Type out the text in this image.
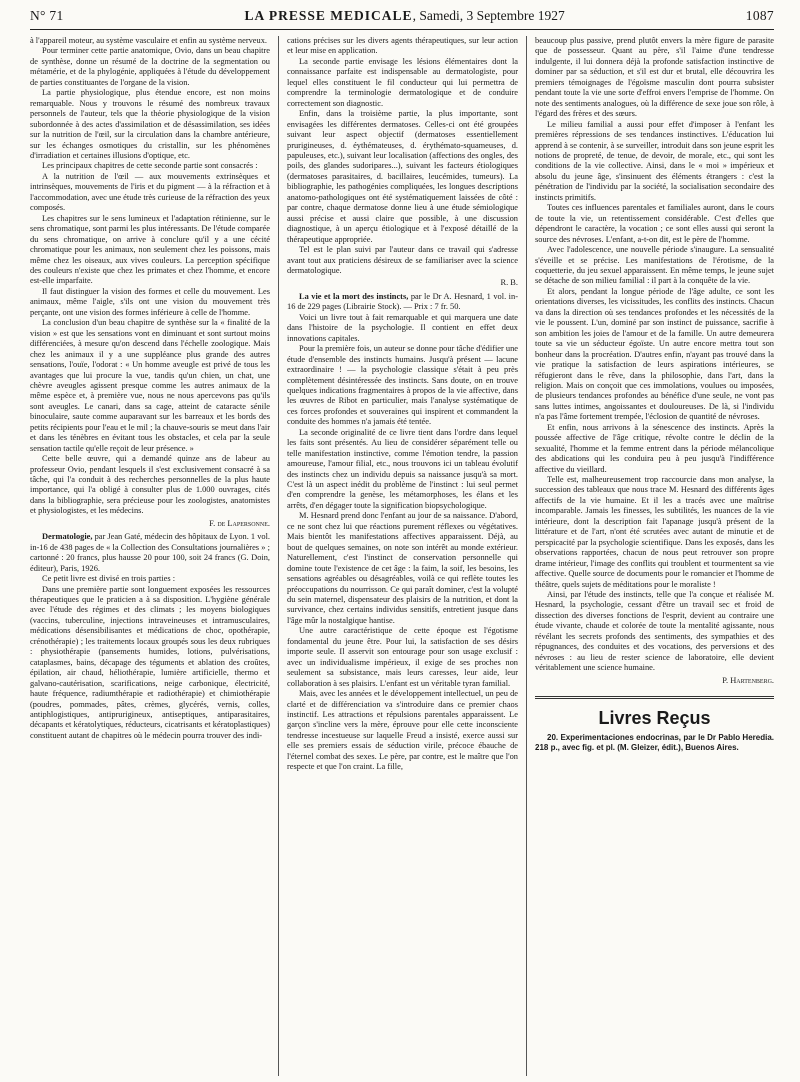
N° 71	LA PRESSE MEDICALE, Samedi, 3 Septembre 1927	1087

à l'appareil moteur, au système vasculaire et enfin au système nerveux.

Pour terminer cette partie anatomique, Ovio, dans un beau chapitre de synthèse, donne un résumé de la doctrine de la segmentation ou métamérie, et de la phylogénie, appliquées à l'étude du développement de parties constituantes de l'organe de la vision.

La partie physiologique, plus étendue encore, est non moins remarquable. Nous y trouvons le résumé des nombreux travaux personnels de l'auteur, tels que la théorie physiologique de la vision subordonnée à des actes d'assimilation et de désassimilation, ses idées sur la nutrition de l'œil, sur la circulation dans la chambre antérieure, sur les échanges osmotiques du cristallin, sur les phénomènes d'irradiation et certaines illusions d'optique, etc.

Les principaux chapitres de cette seconde partie sont consacrés :

A la nutrition de l'œil — aux mouvements extrinsèques et intrinsèques, mouvements de l'iris et du pigment — à la réfraction et à l'accommodation, avec une étude très curieuse de la réfraction des yeux composés.

Les chapitres sur le sens lumineux et l'adaptation rétinienne, sur le sens chromatique, sont parmi les plus intéressants. De l'étude comparée du sens chromatique, on arrive à conclure qu'il y a une cécité chromatique pour les animaux, non seulement chez les poissons, mais même chez les oiseaux, aux vives couleurs. La perception spécifique des couleurs n'existe que chez les primates et chez l'homme, et encore est-elle imparfaite.

Il faut distinguer la vision des formes et celle du mouvement. Les animaux, même l'aigle, s'ils ont une vision du mouvement très perçante, ont une vision des formes inférieure à celle de l'homme.

La conclusion d'un beau chapitre de synthèse sur la « finalité de la vision » est que les sensations vont en diminuant et sont surtout moins différenciées, à mesure qu'on descend dans l'échelle zoologique. Mais chez les animaux il y a une suppléance plus grande des autres sensations, l'ouïe, l'odorat : « Un homme aveugle est privé de tous les avantages que lui procure la vue, tandis qu'un chien, un chat, une chèvre aveugles agissent presque comme les autres animaux de la même espèce et, à première vue, nous ne nous apercevons pas qu'ils sont aveugles. Le canari, dans sa cage, atteint de cataracte sénile binoculaire, saute comme auparavant sur les barreaux et les bords des petits récipients pour l'eau et le mil ; la chauve-souris se meut dans l'air et dans les ténèbres en évitant tous les obstacles, et cela par la seule sensation tactile qu'elle reçoit de leur présence. »

Cette belle œuvre, qui a demandé quinze ans de labeur au professeur Ovio, pendant lesquels il s'est exclusivement consacré à sa tâche, qui l'a conduit à des recherches personnelles de la plus haute importance, qui l'a obligé à consulter plus de 1.000 ouvrages, cités dans la bibliographie, sera précieuse pour les zoologistes, anatomistes et physiologistes, et les médecins.

F. de Lapersonne.

Dermatologie, par Jean Gaté, médecin des hôpitaux de Lyon. 1 vol. in-16 de 438 pages de « la Collection des Consultations journalières » ; cartonné : 20 francs, plus hausse 20 pour 100, soit 24 francs (G. Doin, éditeur), Paris, 1926.

Ce petit livre est divisé en trois parties :

Dans une première partie sont longuement exposées les ressources thérapeutiques que le praticien a à sa disposition. L'hygiène générale avec l'étude des régimes et des climats ; les moyens biologiques (vaccins, tuberculine, injections intraveineuses et intramusculaires, médications désensibilisantes et médications de choc, opothérapie, crénothérapie) ; les traitements locaux groupés sous les deux rubriques : physiothérapie (pansements humides, lotions, pulvérisations, cataplasmes, bains, décapage des téguments et ablation des croûtes, épilation, air chaud, héliothérapie, lumière artificielle, thermo et galvano-cautérisation, scarifications, neige carbonique, électricité, haute fréquence, radiumthérapie et radiothérapie) et chimiothérapie (poudres, pommades, pâtes, crèmes, glycérés, vernis, colles, antiphlogistiques, antiprurigineux, antiseptiques, antiparasitaires, décapants et kératolytiques, réducteurs, cicatrisants et kératoplastiques) constituent autant de chapitres où le médecin pourra trouver des indi-

cations précises sur les divers agents thérapeutiques, sur leur action et leur mise en application.

La seconde partie envisage les lésions élémentaires dont la connaissance parfaite est indispensable au dermatologiste, pour lequel elles constituent le fil conducteur qui lui permettra de comprendre la terminologie dermatologique et de conduire correctement son diagnostic.

Enfin, dans la troisième partie, la plus importante, sont envisagées les différentes dermatoses. Celles-ci ont été groupées suivant leur aspect objectif (dermatoses essentiellement prurigineuses, d. éythémateuses, d. érythémato-squameuses, d. papuleuses, etc.), suivant leur localisation (affections des ongles, des poils, des glandes sudoripares...), suivant les facteurs étiologiques (dermatoses parasitaires, d. bacillaires, leucémides, tumeurs). La bibliographie, les pathogénies compliquées, les longues descriptions anatomo-pathologiques ont été systématiquement laissées de côté : par contre, chaque dermatose donne lieu à une étude sémiologique aussi précise et aussi claire que possible, à une discussion diagnostique, à un aperçu étiologique et à l'exposé détaillé de la thérapeutique appropriée.

Tel est le plan suivi par l'auteur dans ce travail qui s'adresse avant tout aux praticiens désireux de se familiariser avec la science dermatologique.

R. B.

La vie et la mort des instincts, par le Dr A. Hesnard, 1 vol. in-16 de 229 pages (Librairie Stock). — Prix : 7 fr. 50.

Voici un livre tout à fait remarquable et qui marquera une date dans l'histoire de la psychologie. Il contient en effet deux innovations capitales.

Pour la première fois, un auteur se donne pour tâche d'édifier une étude d'ensemble des instincts humains. Jusqu'à présent — lacune extraordinaire ! — la psychologie classique s'était à peu près complètement désintéressée des instincts. Sans doute, on en trouve quelques indications fragmentaires à propos de la vie affective, dans les œuvres de Ribot en particulier, mais l'analyse systématique de ces forces profondes et souveraines qui inspirent et commandent la conduite des hommes n'a jamais été tentée.

La seconde originalité de ce livre tient dans l'ordre dans lequel les faits sont présentés. Au lieu de considérer séparément telle ou telle manifestation instinctive, comme l'émotion tendre, la passion amoureuse, l'amour filial, etc., nous trouvons ici un tableau évolutif des instincts chez un individu depuis sa naissance jusqu'à sa mort. C'est là un aspect inédit du problème de l'instinct : lui seul permet d'en comprendre la genèse, les métamorphoses, les élans et les arrêts, d'en dégager toute la signification biopsychologique.

M. Hesnard prend donc l'enfant au jour de sa naissance. D'abord, ce ne sont chez lui que réactions purement réflexes ou végétatives. Mais bientôt les manifestations affectives apparaissent. Déjà, au bout de quelques semaines, on note son intérêt au monde extérieur. Naturellement, c'est l'instinct de conservation personnelle qui domine toute l'existence de cet âge : la faim, la soif, les besoins, les sensations agréables ou désagréables, voilà ce qui reflète toutes les préoccupations du nourrisson. Ce qui paraît dominer, c'est la volupté du sein maternel, dispensateur des plaisirs de la nutrition, et dont la survivance, chez certains individus sensitifs, entretient jusque dans l'âge mûr la nostalgique hantise.

Une autre caractéristique de cette époque est l'égotisme fondamental du jeune être. Pour lui, la satisfaction de ses désirs importe seule. Il asservit son entourage pour son usage exclusif : avec un individualisme impérieux, il exige de ses proches non seulement sa subsistance, mais leurs caresses, leur aide, leur collaboration à ses plaisirs. L'enfant est un véritable tyran familial.

Mais, avec les années et le développement intellectuel, un peu de clarté et de différenciation va s'introduire dans ce premier chaos instinctif. Les attractions et répulsions parentales apparaissent. Le garçon s'incline vers la mère, éprouve pour elle cette inconsciente tendresse incestueuse sur laquelle Freud a insisté, exerce aussi sur elle ses premiers essais de séduction virile, précoce ébauche de l'éternel combat des sexes. Le père, par contre, est le maître que l'on respecte et que l'on craint. La fille,

beaucoup plus passive, prend plutôt envers la mère figure de parasite que de possesseur. Quant au père, s'il l'aime d'une tendresse indulgente, il lui donnera déjà la profonde satisfaction instinctive de dominer par sa séduction, et s'il est dur et brutal, elle découvrira les premiers témoignages de l'égoïsme masculin dont pourra subsister pendant toute la vie une sorte d'effroi envers l'emprise de l'homme. On note des sentiments analogues, où la différence de sexe joue son rôle, à l'égard des frères et des sœurs.

Le milieu familial a aussi pour effet d'imposer à l'enfant les premières répressions de ses tendances instinctives. L'éducation lui apprend à se contenir, à se surveiller, introduit dans son jeune esprit les notions de propreté, de tenue, de devoir, de morale, etc., qui sont les conditions de la vie collective. Ainsi, dans le « moi » impérieux et absolu du jeune âge, s'insinuent des éléments étrangers : c'est la pénétration de l'individu par la société, la socialisation secondaire des instincts primitifs.

Toutes ces influences parentales et familiales auront, dans le cours de toute la vie, un retentissement considérable. C'est d'elles que dépendront le caractère, la vocation ; ce sont elles aussi qui seront la source des névroses. L'enfant, a-t-on dit, est le père de l'homme.

Avec l'adolescence, une nouvelle période s'inaugure. La sensualité s'éveille et se précise. Les manifestations de l'érotisme, de la coquetterie, du jeu sexuel apparaissent. En même temps, le jeune sujet se détache de son milieu familial : il part à la conquête de la vie.

Et alors, pendant la longue période de l'âge adulte, ce sont les orientations diverses, les vicissitudes, les conflits des instincts. Chacun va dans la direction où ses tendances profondes et les nécessités de la vie le poussent. L'un, dominé par son instinct de puissance, sacrifie à son ambition les joies de l'amour et de la famille. Un autre demeurera toute sa vie un séducteur égoïste. Un autre encore mettra tout son bonheur dans la procréation. D'autres enfin, n'ayant pas trouvé dans la vie pratique la satisfaction de leurs aspirations intérieures, se réfugieront dans le rêve, dans la philosophie, dans l'art, dans la religion. Mais on conçoit que ces immolations, voulues ou imposées, de plusieurs tendances profondes au bénéfice d'une seule, ne vont pas sans luttes intimes, angoissantes et douloureuses. De là, si l'individu n'a pas l'âme fortement trempée, l'éclosion de quantité de névroses.

Et enfin, nous arrivons à la sénescence des instincts. Après la poussée affective de l'âge critique, révolte contre le déclin de la sexualité, l'homme et la femme entrent dans la période mélancolique des abdications qui les conduira peu à peu jusqu'à l'indifférence affective du vieillard.

Telle est, malheureusement trop raccourcie dans mon analyse, la succession des tableaux que nous trace M. Hesnard des différents âges affectifs de la vie humaine. Et il les a tracés avec une maîtrise incomparable. Jamais les finesses, les subtilités, les nuances de la vie intérieure, dont la description fait l'apanage jusqu'à présent de la littérature et de l'art, n'ont été scrutées avec autant de minutie et de perspicacité par la psychologie scientifique. Dans les exposés, dans les observations rapportées, chacun de nous peut retrouver son propre drame intérieur, l'image des conflits qui troublent et tourmentent sa vie affective. Quelle source de documents pour le romancier et l'homme de théâtre, quels sujets de méditations pour le moraliste !

Ainsi, par l'étude des instincts, telle que l'a conçue et réalisée M. Hesnard, la psychologie, cessant d'être un travail sec et froid de dissection des diverses fonctions de l'esprit, devient au contraire une étude vivante, chaude et colorée de toute la mentalité agissante, nous révélant les secrets profonds des sentiments, des sympathies et des répugnances, des conduites et des vocations, des perversions et des névroses : au lieu de rester science de laboratoire, elle devient véritablement une science humaine.

P. Hartenberg.

Livres Reçus

20. Experimentaciones endocrinas, par le Dr Pablo Heredia. 218 p., avec fig. et pl. (M. Gleizer, édit.), Buenos Aires.
